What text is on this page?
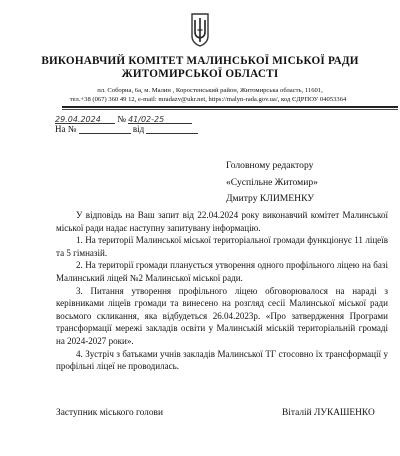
ВИКОНАВЧИЙ КОМІТЕТ МАЛИНСЬКОЇ МІСЬКОЇ РАДИ
ЖИТОМИРСЬКОЇ ОБЛАСТІ
пл. Соборна, 6а, м. Малин , Коростенський район, Житомирська область, 11601,
тел.+38 (067) 360 49 12, e-mail: mradazv@ukr.net, https://malyn-rada.gov.ua/, код ЄДРПОУ 04053364
29.04.2024 № 41/02-25
На №	від
Головному редактору
«Суспільне Житомир»
Дмитру КЛИМЕНКУ

У відповідь на Ваш запит від 22.04.2024 року виконавчий комітет Малинської міської ради надає наступну запитувану інформацію.

1. На території Малинської міської територіальної громади функціонує 11 ліцеїв та 5 гімназій.

2. На території громади планується утворення одного профільного ліцею на базі Малинський ліцей №2 Малинської міської ради.

3. Питання утворення профільного ліцею обговорювалося на нараді з керівниками ліцеїв громади та винесено на розгляд сесії Малинської міської ради восьмого скликання, яка відбудеться 26.04.2023р. «Про затвердження Програми трансформації мережі закладів освіти у Малинській міській територіальній громаді на 2024-2027 роки».

4. Зустріч з батьками учнів закладів Малинської ТГ стосовно їх трансформації у профільні ліцеї не проводилась.

Заступник міського голови	Віталій ЛУКАШЕНКО
